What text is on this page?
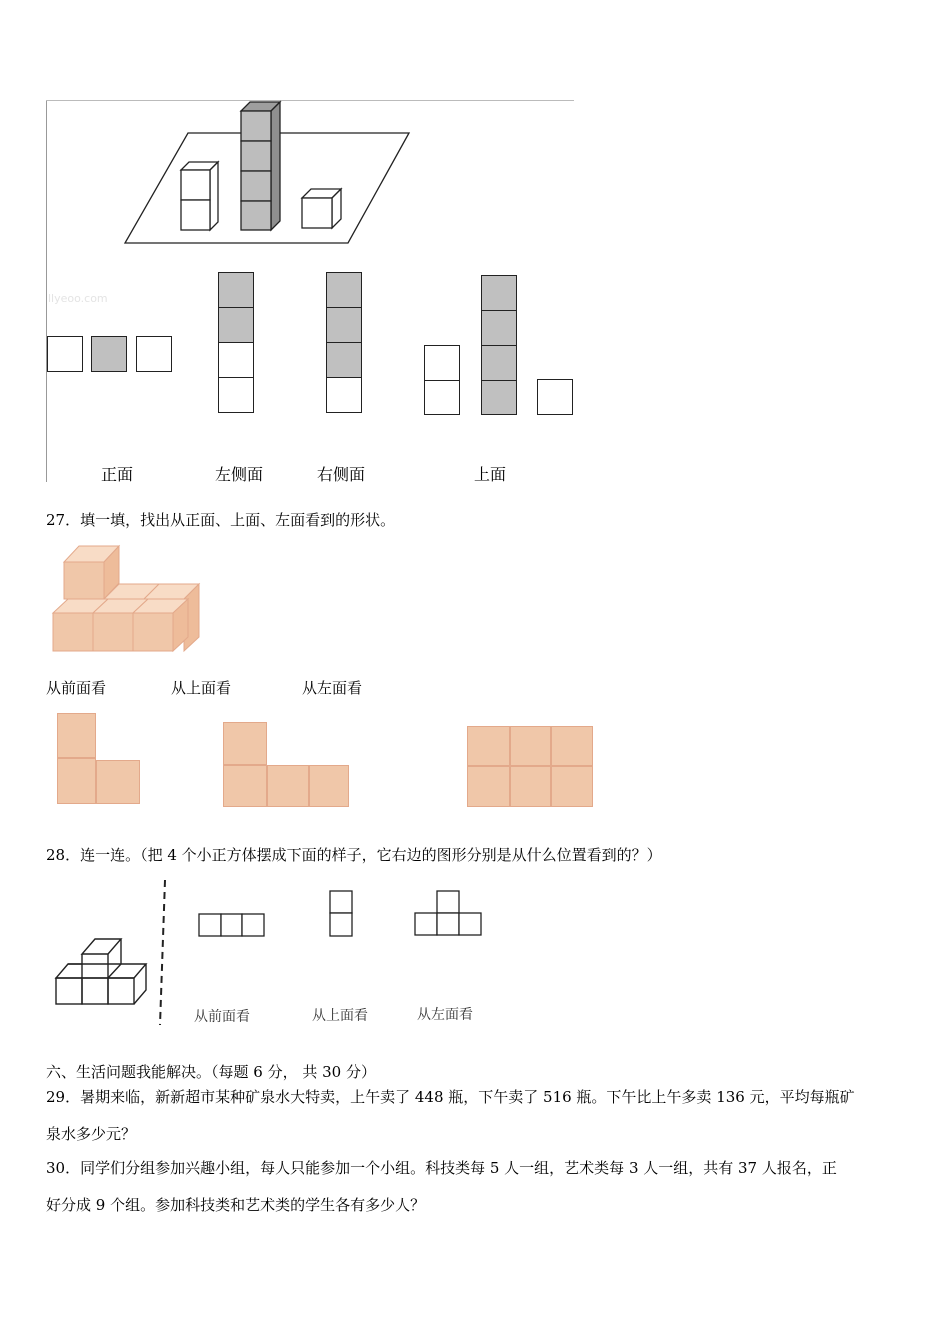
llyeoo.com
正面	左侧面	右侧面	上面
27．填一填，找出从正面、上面、左面看到的形状。
从前面看	从上面看	从左面看
28．连一连。（把 4 个小正方体摆成下面的样子，它右边的图形分别是从什么位置看到的？）
从前面看	从上面看	从左面看
六、生活问题我能解决。（每题 6 分， 共 30 分）
29．暑期来临，新新超市某种矿泉水大特卖，上午卖了 448 瓶，下午卖了 516 瓶。下午比上午多卖 136 元，平均每瓶矿
泉水多少元？
30．同学们分组参加兴趣小组，每人只能参加一个小组。科技类每 5 人一组，艺术类每 3 人一组，共有 37 人报名，正
好分成 9 个组。参加科技类和艺术类的学生各有多少人？
